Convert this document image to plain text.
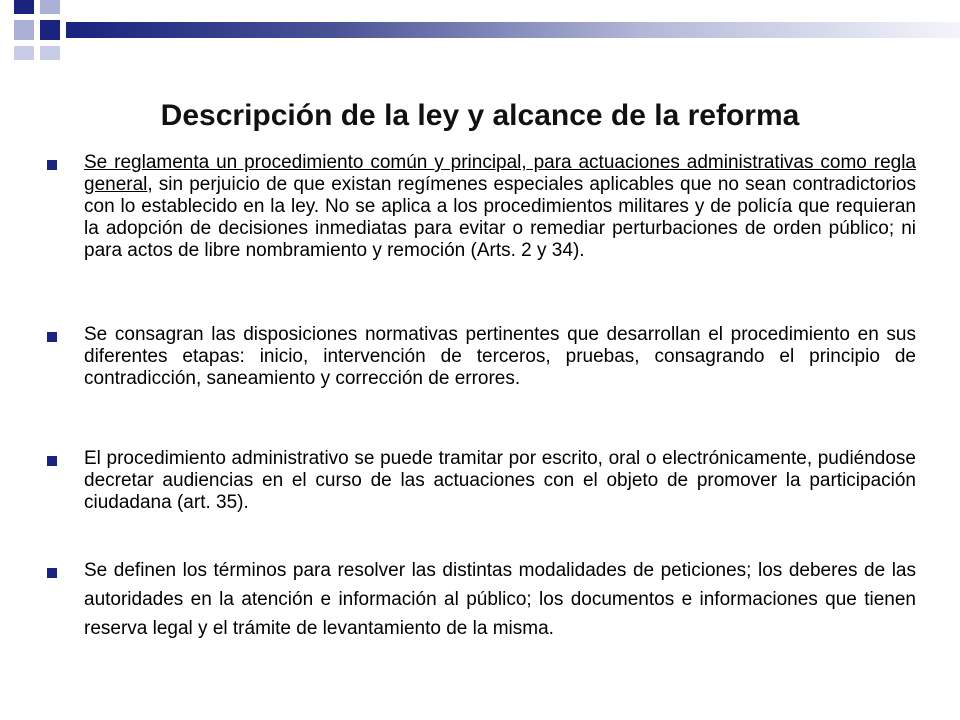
Descripción de la ley y alcance de la reforma

Se reglamenta un procedimiento común y principal, para actuaciones administrativas como regla general, sin perjuicio de que existan regímenes especiales aplicables que no sean contradictorios con lo establecido en la ley. No se aplica a los procedimientos militares y de policía que requieran la adopción de decisiones inmediatas para evitar o remediar perturbaciones de orden público; ni para actos de libre nombramiento y remoción (Arts. 2 y 34).

Se consagran las disposiciones normativas pertinentes que desarrollan el procedimiento en sus diferentes etapas: inicio, intervención de terceros, pruebas, consagrando el principio de contradicción, saneamiento y corrección de errores.

El procedimiento administrativo se puede tramitar por escrito, oral o electrónicamente, pudiéndose decretar audiencias en el curso de las actuaciones con el objeto de promover la participación ciudadana (art. 35).

Se definen los términos para resolver las distintas modalidades de peticiones; los deberes de las autoridades en la atención e información al público; los documentos e informaciones que tienen reserva legal y el trámite de levantamiento de la misma.
